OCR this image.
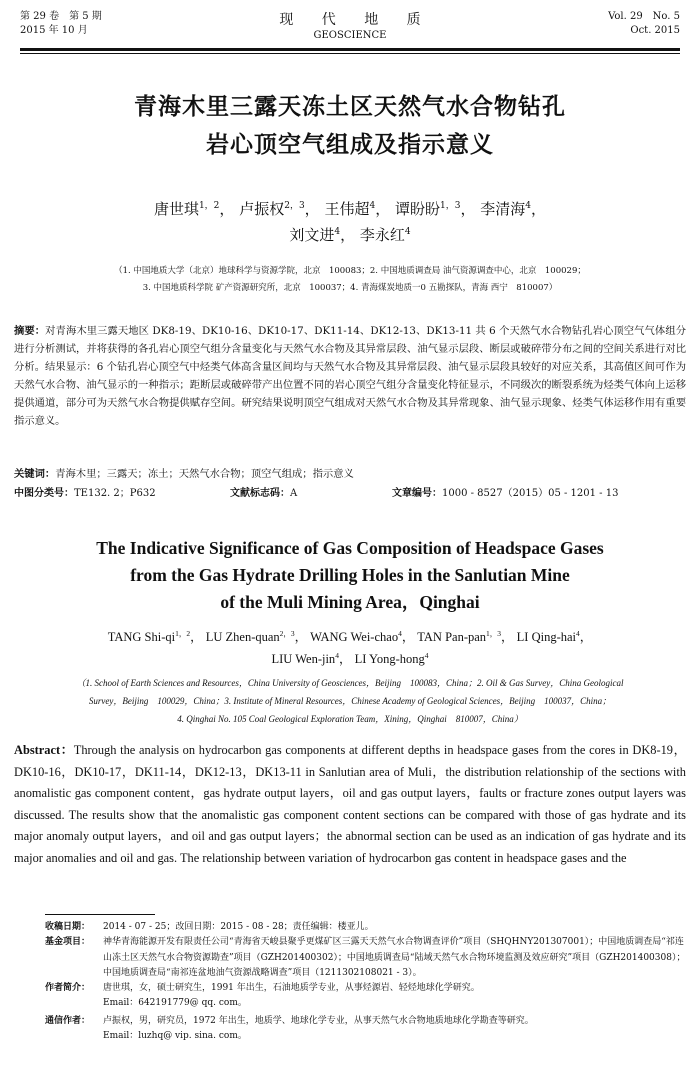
第 29 卷　第 5 期
2015 年 10 月
现 代 地 质
GEOSCIENCE
Vol. 29　No. 5
Oct. 2015
青海木里三露天冻土区天然气水合物钻孔
岩心顶空气组成及指示意义
唐世琪$^{1,2}$， 卢振权$^{2,3}$， 王伟超$^4$， 谭盼盼$^{1,3}$， 李清海$^4$，
刘文进$^4$， 李永红$^4$
（1. 中国地质大学（北京）地球科学与资源学院，北京　100083；2. 中国地质调查局 油气资源调查中心，北京　100029；
3. 中国地质科学院 矿产资源研究所，北京　100037；4. 青海煤炭地质一0 五勘探队，青海 西宁　810007）
摘要：对青海木里三露天地区 DK8-19、DK10-16、DK10-17、DK11-14、DK12-13、DK13-11 共 6 个天然气水合物钻孔岩心顶空气气体组分进行分析测试，并将获得的各孔岩心顶空气组分含量变化与天然气水合物及其异常层段、油气显示层段、断层或破碎带分布之间的空间关系进行对比分析。结果显示：6 个钻孔岩心顶空气中烃类气体高含量区间均与天然气水合物及其异常层段、油气显示层段具较好的对应关系，其高值区间可作为天然气水合物、油气显示的一种指示；距断层或破碎带产出位置不同的岩心顶空气组分含量变化特征显示，不同级次的断裂系统为烃类气体向上运移提供通道，部分可为天然气水合物提供赋存空间。研究结果说明顶空气组成对天然气水合物及其异常现象、油气显示现象、烃类气体运移作用有重要指示意义。
关键词：青海木里；三露天；冻土；天然气水合物；顶空气组成；指示意义
中图分类号：TE132. 2；P632	文献标志码：A	文章编号：1000 - 8527（2015）05 - 1201 - 13
The Indicative Significance of Gas Composition of Headspace Gases
from the Gas Hydrate Drilling Holes in the Sanlutian Mine
of the Muli Mining Area，Qinghai
TANG Shi-$qi^{1,2}$， LU Zhen-quan$^{2,3}$， WANG Wei-chao$^4$， TAN Pan-pan$^{1,3}$， LI Qing-hai$^4$，
LIU Wen-jin$^4$， LI Yong-hong$^4$
（1. School of Earth Sciences and Resources，China University of Geosciences，Beijing　100083，China；2. Oil & Gas Survey，China Geological
Survey，Beijing　100029，China；3. Institute of Mineral Resources，Chinese Academy of Geological Sciences，Beijing　100037，China；
4. Qinghai No. 105 Coal Geological Exploration Team，Xining，Qinghai　810007，China）
Abstract：Through the analysis on hydrocarbon gas components at different depths in headspace gases from the cores in DK8-19，DK10-16，DK10-17，DK11-14，DK12-13，DK13-11 in Sanlutian area of Muli，the distribution relationship of the sections with anomalistic gas component content，gas hydrate output layers，oil and gas output layers，faults or fracture zones output layers was discussed. The results show that the anomalistic gas component content sections can be compared with those of gas hydrate and its major anomaly output layers，and oil and gas output layers；the abnormal section can be used as an indication of gas hydrate and its major anomalies and oil and gas. The relationship between variation of hydrocarbon gas content in headspace gases and the
收稿日期：	2014 - 07 - 25；改回日期：2015 - 08 - 28；责任编辑：楼亚儿。
基金项目：	神华青海能源开发有限责任公司“青海省天峻县聚乎更煤矿区三露天天然气水合物调查评价”项目（SHQHNY201307001）；中国地质调查局“祁连山冻土区天然气水合物资源勘查”项目（GZH201400302）；中国地质调查局“陆域天然气水合物环境监测及效应研究”项目（GZH201400308）；中国地质调查局“南祁连盆地油气资源战略调查”项目（1211302108021 - 3）。
作者简介：	唐世琪，女，硕士研究生，1991 年出生，石油地质学专业，从事烃源岩、轻烃地球化学研究。
Email：642191779@ qq. com。
通信作者：	卢振权，男，研究员，1972 年出生，地质学、地球化学专业，从事天然气水合物地质地球化学勘查等研究。
Email：luzhq@ vip. sina. com。
